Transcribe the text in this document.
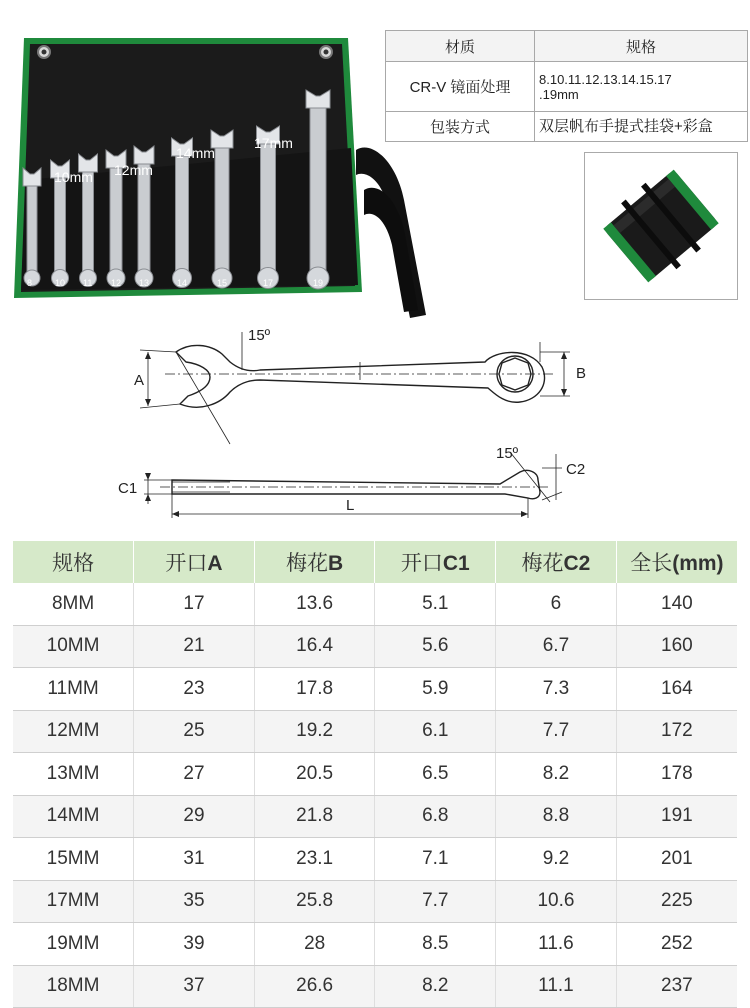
10mm 12mm
14mm
17mm
8	10 11 12 13	14	15	17	19
材质	规格
CR-V 镜面处理	8.10.11.12.13.14.15.17
.19mm

包装方式	双层帆布手提式挂袋+彩盒
15º
A	B
15º
C1
C2
L
规格	开口A	梅花B	开口C1	梅花C2	全长(mm)
8MM	17	13.6	5.1	6	140
10MM	21	16.4	5.6	6.7	160
11MM	23	17.8	5.9	7.3	164
12MM	25	19.2	6.1	7.7	172
13MM	27	20.5	6.5	8.2	178
14MM	29	21.8	6.8	8.8	191
15MM	31	23.1	7.1	9.2	201
17MM	35	25.8	7.7	10.6	225
19MM	39	28	8.5	11.6	252
18MM	37	26.6	8.2	11.1	237
